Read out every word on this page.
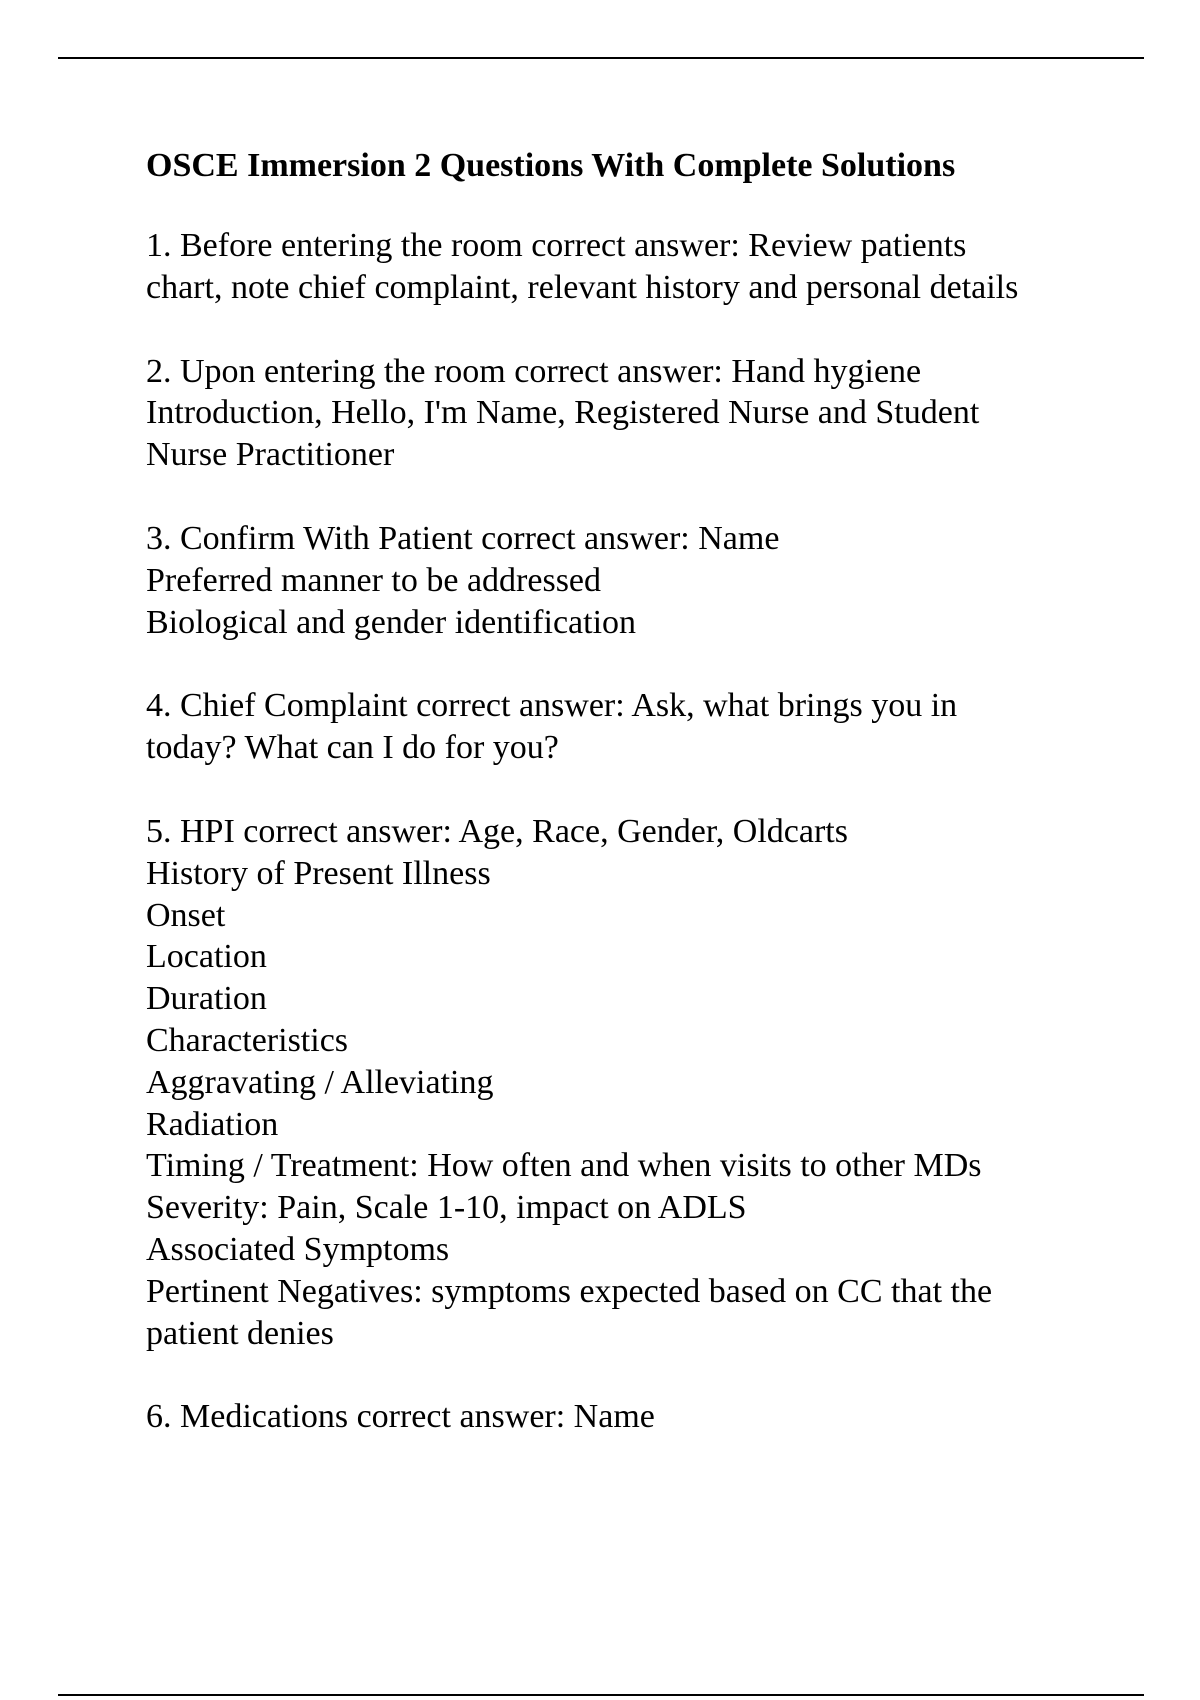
OSCE Immersion 2 Questions With Complete Solutions
1. Before entering the room correct answer: Review patients
chart, note chief complaint, relevant history and personal details
2. Upon entering the room correct answer: Hand hygiene
Introduction, Hello, I'm Name, Registered Nurse and Student
Nurse Practitioner
3. Confirm With Patient correct answer: Name
Preferred manner to be addressed
Biological and gender identification
4. Chief Complaint correct answer: Ask, what brings you in
today? What can I do for you?
5. HPI correct answer: Age, Race, Gender, Oldcarts
History of Present Illness
Onset
Location
Duration
Characteristics
Aggravating / Alleviating
Radiation
Timing / Treatment: How often and when visits to other MDs
Severity: Pain, Scale 1-10, impact on ADLS
Associated Symptoms
Pertinent Negatives: symptoms expected based on CC that the
patient denies
6. Medications correct answer: Name
